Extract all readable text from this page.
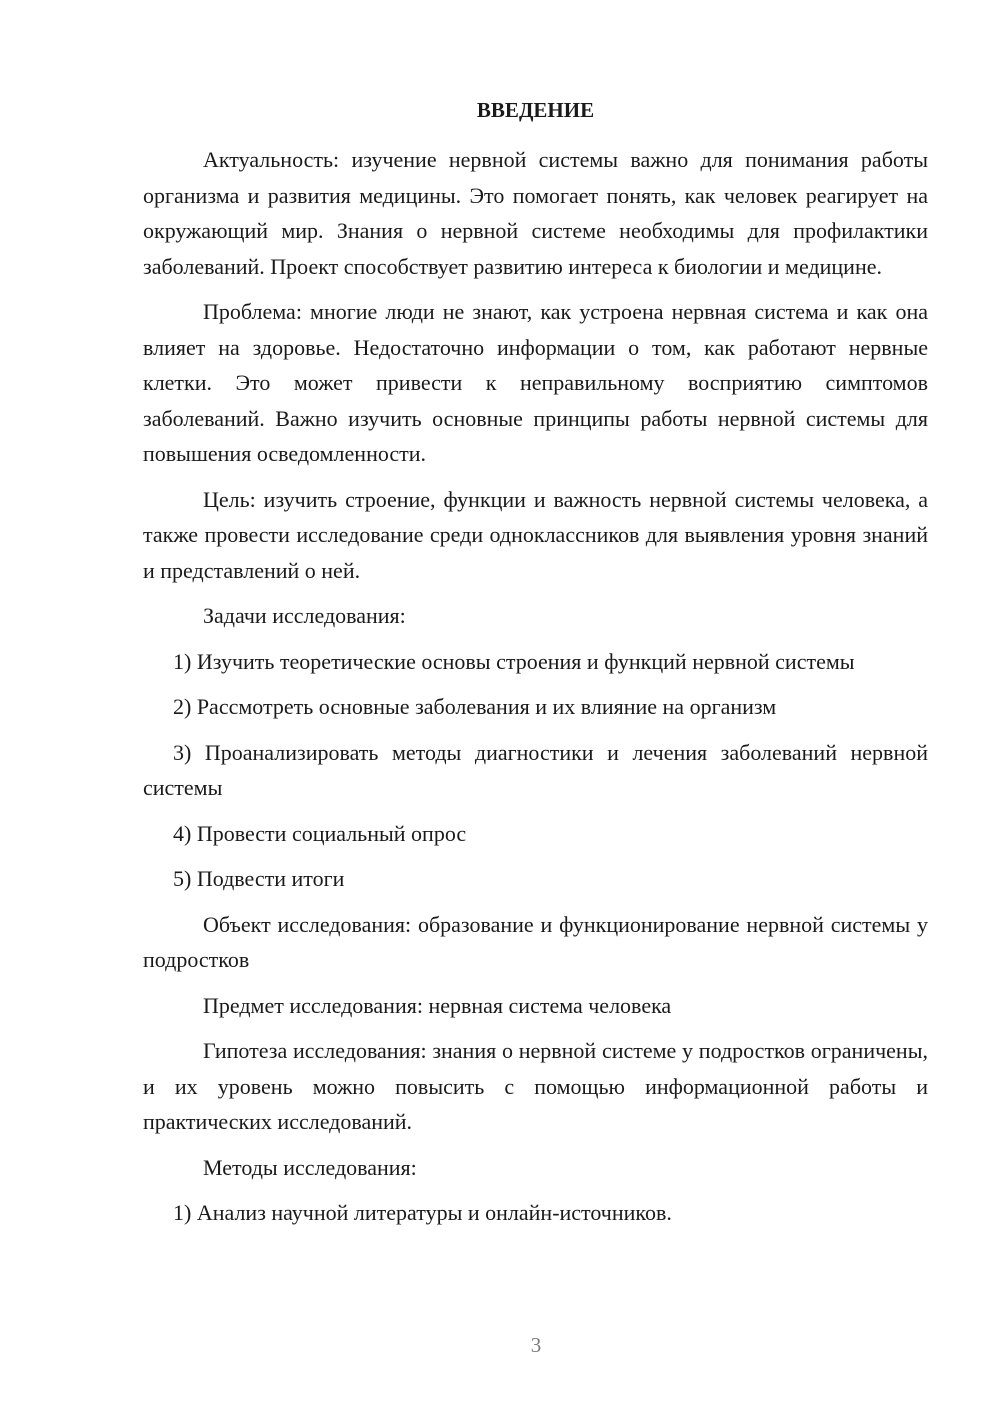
ВВЕДЕНИЕ

Актуальность: изучение нервной системы важно для понимания работы организма и развития медицины. Это помогает понять, как человек реагирует на окружающий мир. Знания о нервной системе необходимы для профилактики заболеваний. Проект способствует развитию интереса к биологии и медицине.

Проблема: многие люди не знают, как устроена нервная система и как она влияет на здоровье. Недостаточно информации о том, как работают нервные клетки. Это может привести к неправильному восприятию симптомов заболеваний. Важно изучить основные принципы работы нервной системы для повышения осведомленности.

Цель: изучить строение, функции и важность нервной системы человека, а также провести исследование среди одноклассников для выявления уровня знаний и представлений о ней.

Задачи исследования:

1) Изучить теоретические основы строения и функций нервной системы

2) Рассмотреть основные заболевания и их влияние на организм

3) Проанализировать методы диагностики и лечения заболеваний нервной системы

4) Провести социальный опрос

5) Подвести итоги

Объект исследования: образование и функционирование нервной системы у подростков

Предмет исследования: нервная система человека

Гипотеза исследования: знания о нервной системе у подростков ограничены, и их уровень можно повысить с помощью информационной работы и практических исследований.

Методы исследования:

1) Анализ научной литературы и онлайн-источников.

3
